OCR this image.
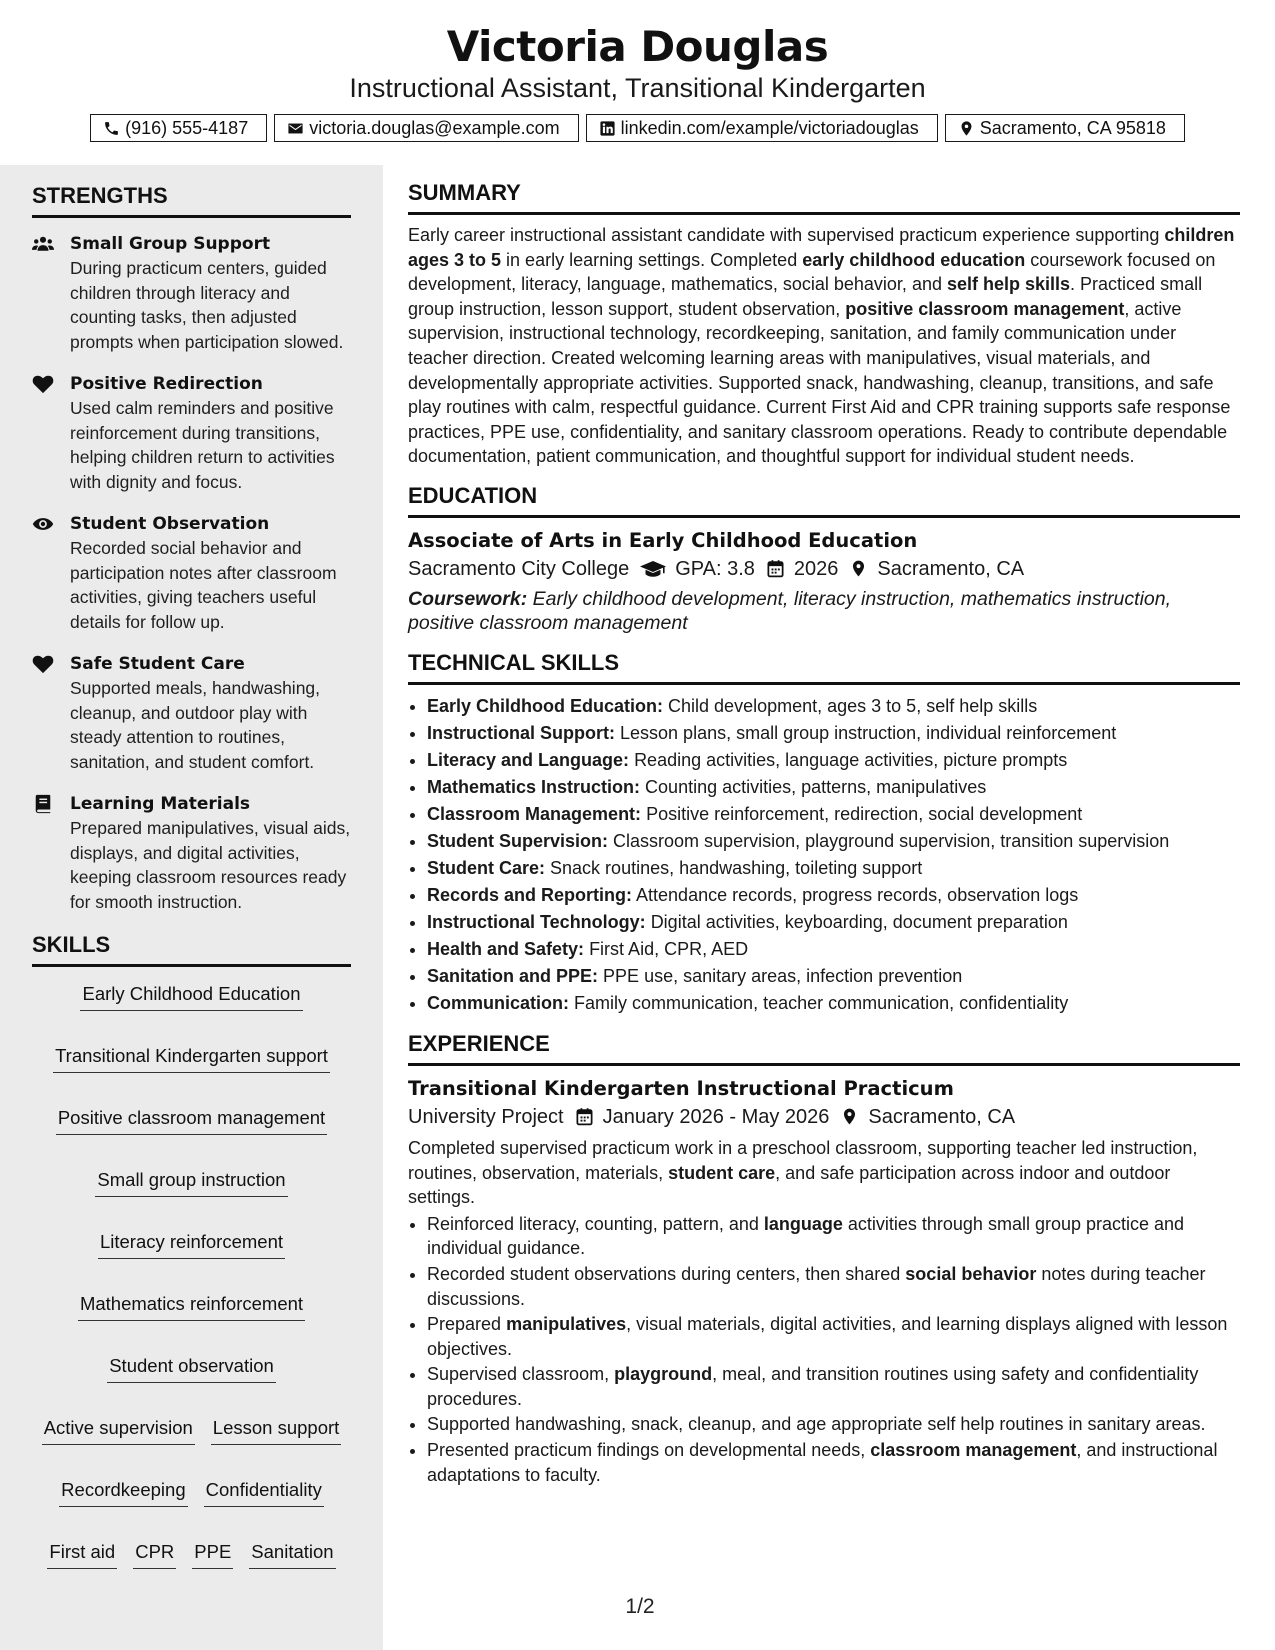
Victoria Douglas
Instructional Assistant, Transitional Kindergarten
(916) 555-4187	victoria.douglas@example.com	linkedin.com/example/victoriadouglas	Sacramento, CA 95818
STRENGTHS
Small Group Support
During practicum centers, guided children through literacy and counting tasks, then adjusted prompts when participation slowed.
Positive Redirection
Used calm reminders and positive reinforcement during transitions, helping children return to activities with dignity and focus.
Student Observation
Recorded social behavior and participation notes after classroom activities, giving teachers useful details for follow up.
Safe Student Care
Supported meals, handwashing, cleanup, and outdoor play with steady attention to routines, sanitation, and student comfort.
Learning Materials
Prepared manipulatives, visual aids, displays, and digital activities, keeping classroom resources ready for smooth instruction.
SKILLS
Early Childhood Education
Transitional Kindergarten support
Positive classroom management
Small group instruction
Literacy reinforcement
Mathematics reinforcement
Student observation
Active supervision Lesson support
Recordkeeping Confidentiality
First aid CPR PPE Sanitation
SUMMARY
Early career instructional assistant candidate with supervised practicum experience supporting children ages 3 to 5 in early learning settings. Completed early childhood education coursework focused on development, literacy, language, mathematics, social behavior, and self help skills. Practiced small group instruction, lesson support, student observation, positive classroom management, active supervision, instructional technology, recordkeeping, sanitation, and family communication under teacher direction. Created welcoming learning areas with manipulatives, visual materials, and developmentally appropriate activities. Supported snack, handwashing, cleanup, transitions, and safe play routines with calm, respectful guidance. Current First Aid and CPR training supports safe response practices, PPE use, confidentiality, and sanitary classroom operations. Ready to contribute dependable documentation, patient communication, and thoughtful support for individual student needs.
EDUCATION
Associate of Arts in Early Childhood Education
Sacramento City College GPA: 3.8 2026 Sacramento, CA
Coursework: Early childhood development, literacy instruction, mathematics instruction, positive classroom management
TECHNICAL SKILLS
• Early Childhood Education: Child development, ages 3 to 5, self help skills
• Instructional Support: Lesson plans, small group instruction, individual reinforcement
• Literacy and Language: Reading activities, language activities, picture prompts
• Mathematics Instruction: Counting activities, patterns, manipulatives
• Classroom Management: Positive reinforcement, redirection, social development
• Student Supervision: Classroom supervision, playground supervision, transition supervision
• Student Care: Snack routines, handwashing, toileting support
• Records and Reporting: Attendance records, progress records, observation logs
• Instructional Technology: Digital activities, keyboarding, document preparation
• Health and Safety: First Aid, CPR, AED
• Sanitation and PPE: PPE use, sanitary areas, infection prevention
• Communication: Family communication, teacher communication, confidentiality
EXPERIENCE
Transitional Kindergarten Instructional Practicum
University Project January 2026 - May 2026 Sacramento, CA
Completed supervised practicum work in a preschool classroom, supporting teacher led instruction, routines, observation, materials, student care, and safe participation across indoor and outdoor settings.
• Reinforced literacy, counting, pattern, and language activities through small group practice and individual guidance.
• Recorded student observations during centers, then shared social behavior notes during teacher discussions.
• Prepared manipulatives, visual materials, digital activities, and learning displays aligned with lesson objectives.
• Supervised classroom, playground, meal, and transition routines using safety and confidentiality procedures.
• Supported handwashing, snack, cleanup, and age appropriate self help routines in sanitary areas.
• Presented practicum findings on developmental needs, classroom management, and instructional adaptations to faculty.
1/2
